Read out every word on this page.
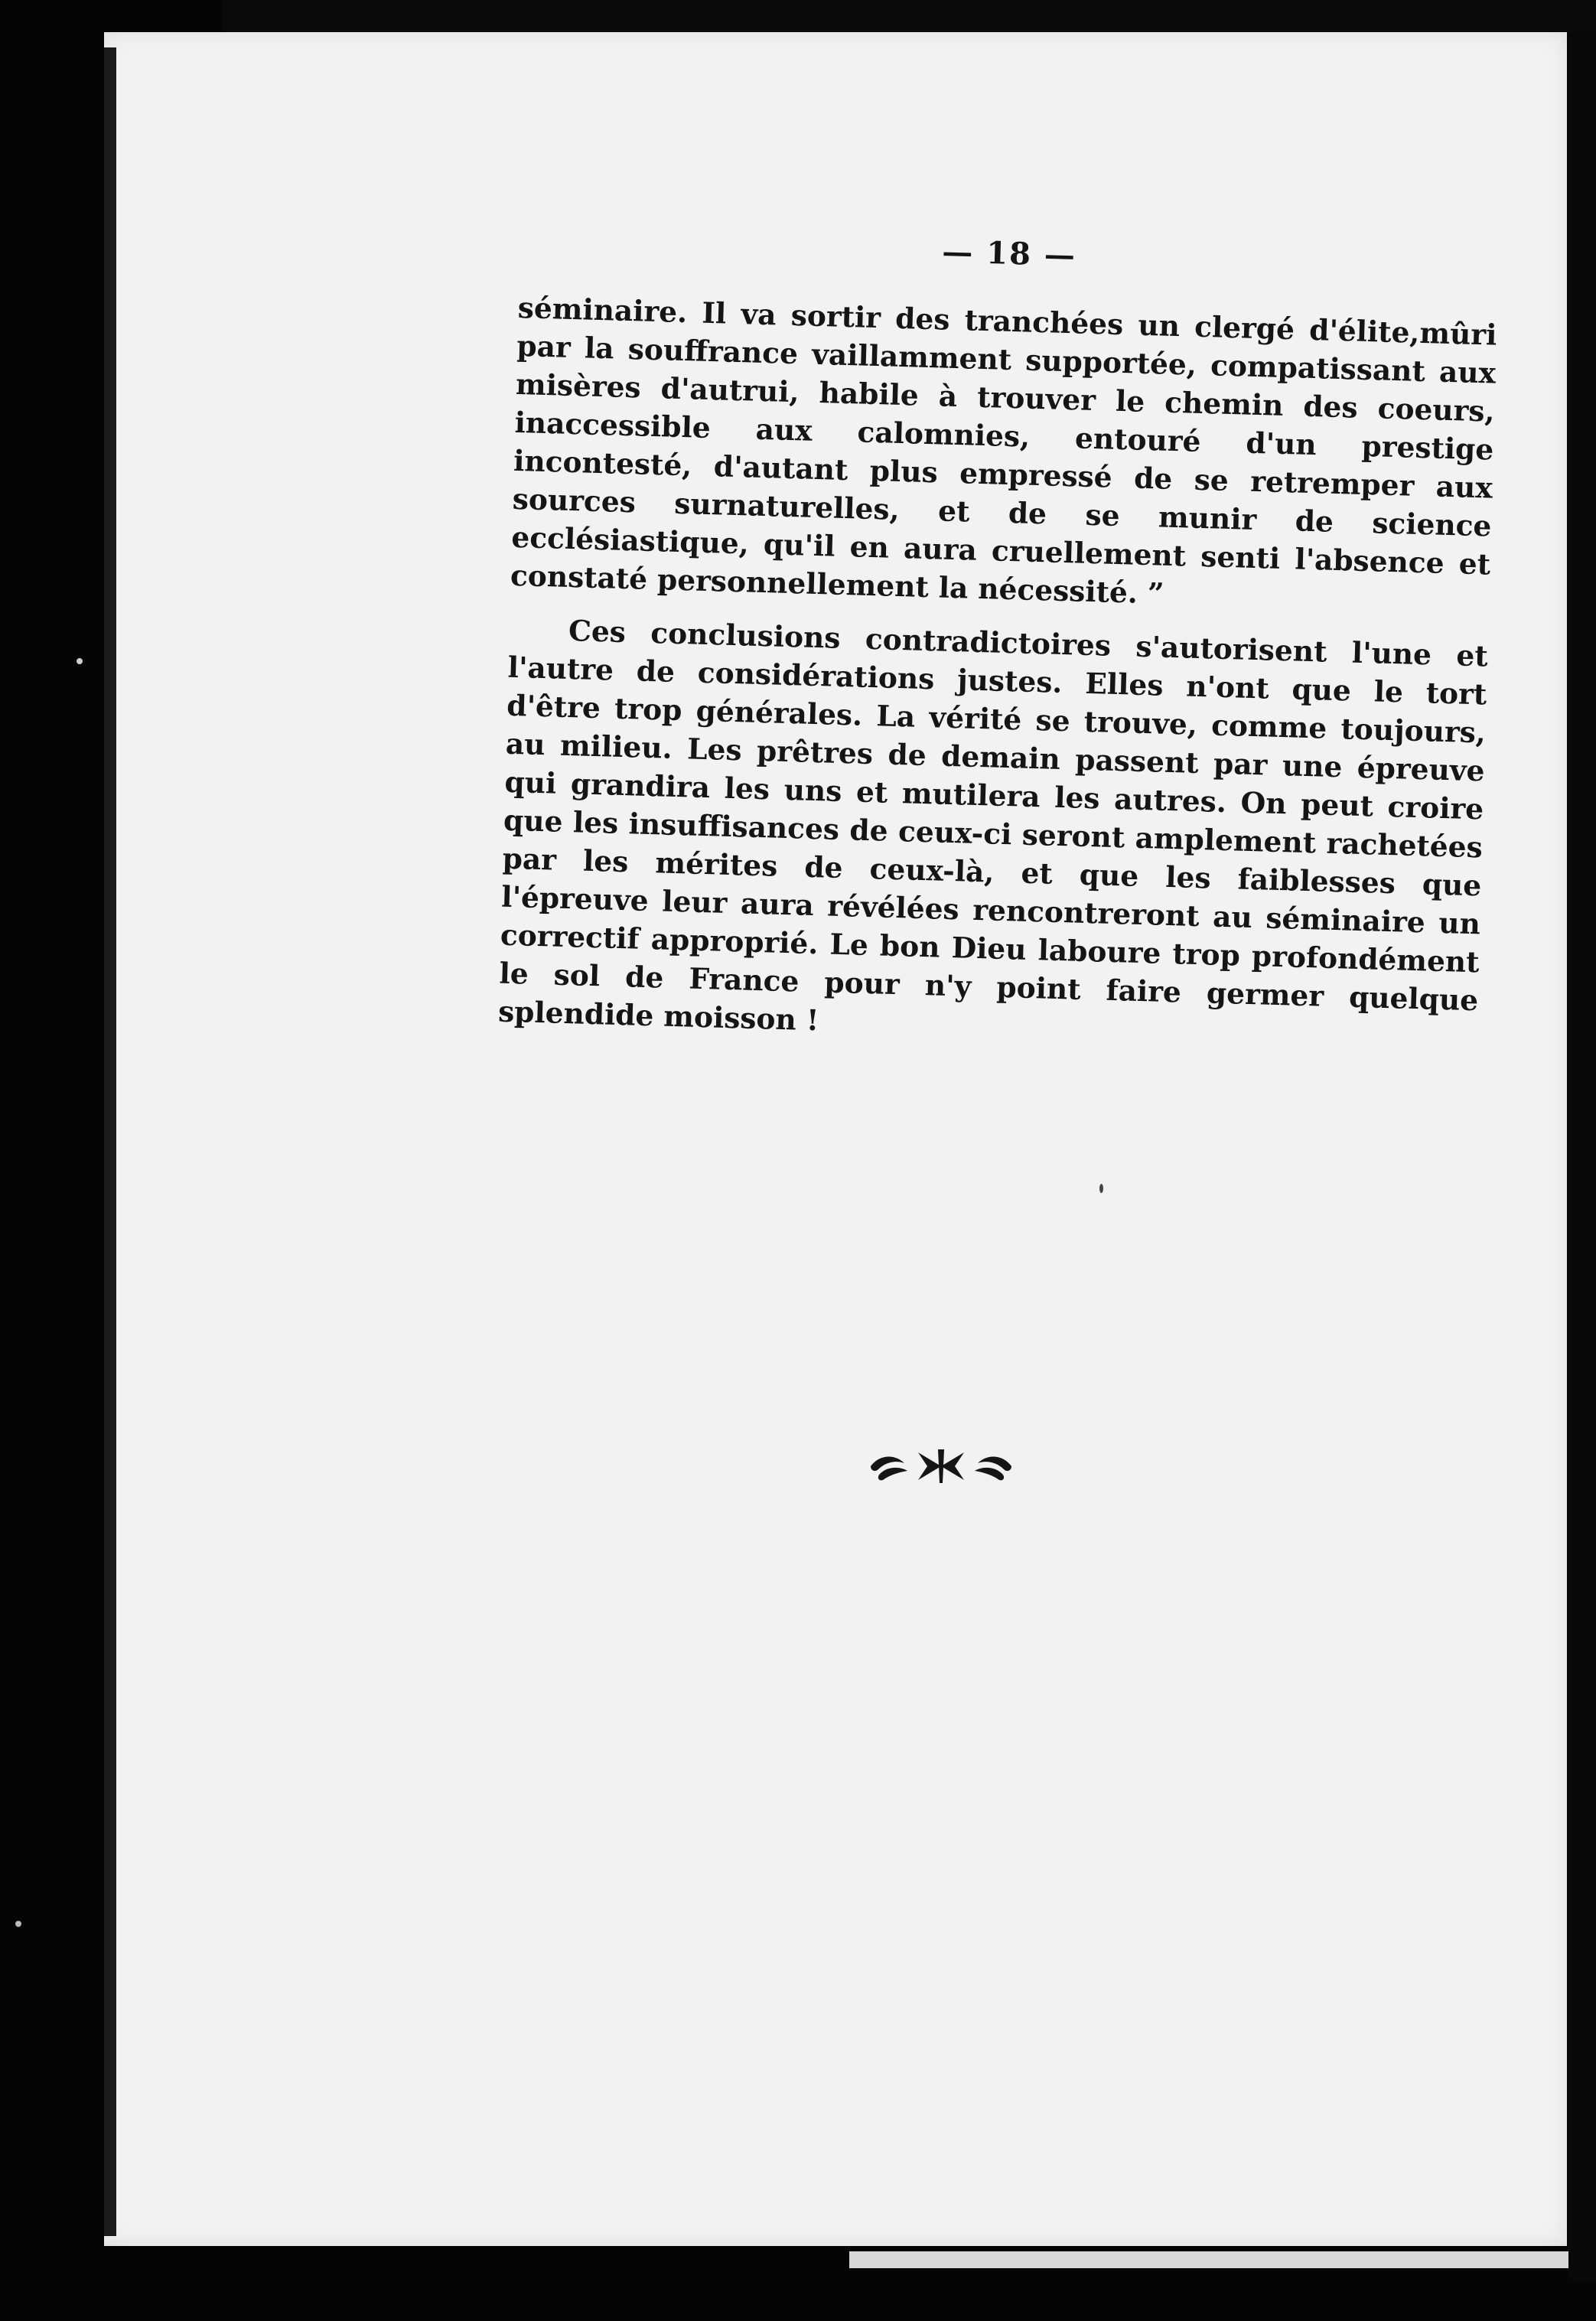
— 18 —

séminaire. Il va sortir des tranchées un clergé d'élite,mûri par la souffrance vaillamment supportée, compatissant aux misères d'autrui, habile à trouver le chemin des coeurs, inaccessible aux calomnies, entouré d'un prestige incontesté, d'autant plus empressé de se retremper aux sources surnaturelles, et de se munir de science ecclésiastique, qu'il en aura cruellement senti l'absence et constaté personnellement la nécessité. ”

Ces conclusions contradictoires s'autorisent l'une et l'autre de considérations justes. Elles n'ont que le tort d'être trop générales. La vérité se trouve, comme toujours, au milieu. Les prêtres de demain passent par une épreuve qui grandira les uns et mutilera les autres. On peut croire que les insuffisances de ceux-ci seront amplement rachetées par les mérites de ceux-là, et que les faiblesses que l'épreuve leur aura révélées rencontreront au séminaire un correctif approprié. Le bon Dieu laboure trop profondément le sol de France pour n'y point faire germer quelque splendide moisson !
